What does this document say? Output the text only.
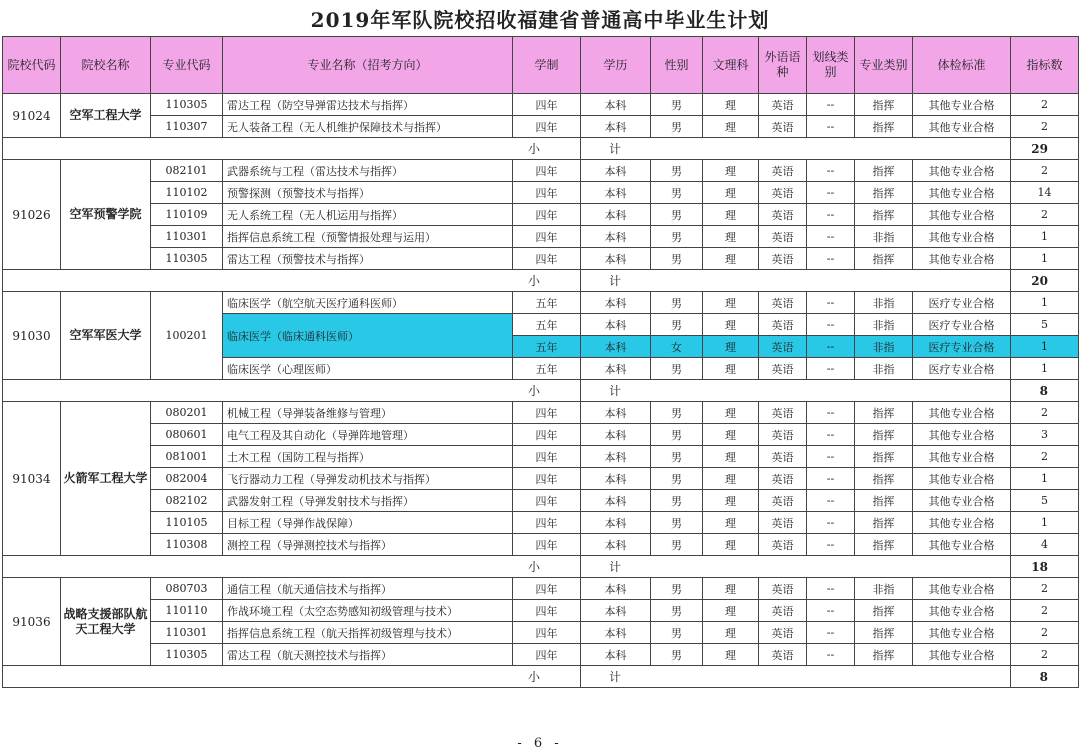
2019年军队院校招收福建省普通高中毕业生计划
院校代码	院校名称	专业代码	专业名称（招考方向）	学制	学历	性别	文理科	外语语种	划线类别	专业类别	体检标准	指标数
91024	空军工程大学	110305	雷达工程（防空导弹雷达技术与指挥）	四年	本科	男	理	英语	--	指挥	其他专业合格	2
		110307	无人装备工程（无人机维护保障技术与指挥）	四年	本科	男	理	英语	--	指挥	其他专业合格	2
小					计							29
91026	空军预警学院	082101	武器系统与工程（雷达技术与指挥）	四年	本科	男	理	英语	--	指挥	其他专业合格	2
		110102	预警探测（预警技术与指挥）	四年	本科	男	理	英语	--	指挥	其他专业合格	14
		110109	无人系统工程（无人机运用与指挥）	四年	本科	男	理	英语	--	指挥	其他专业合格	2
		110301	指挥信息系统工程（预警情报处理与运用）	四年	本科	男	理	英语	--	非指	其他专业合格	1
		110305	雷达工程（预警技术与指挥）	四年	本科	男	理	英语	--	指挥	其他专业合格	1
小					计							20
91030	空军军医大学	100201	临床医学（航空航天医疗通科医师）	五年	本科	男	理	英语	--	非指	医疗专业合格	1
			临床医学（临床通科医师）	五年	本科	男	理	英语	--	非指	医疗专业合格	5
				五年	本科	女	理	英语	--	非指	医疗专业合格	1
			临床医学（心理医师）	五年	本科	男	理	英语	--	非指	医疗专业合格	1
小					计							8
91034	火箭军工程大学	080201	机械工程（导弹装备维修与管理）	四年	本科	男	理	英语	--	指挥	其他专业合格	2
		080601	电气工程及其自动化（导弹阵地管理）	四年	本科	男	理	英语	--	指挥	其他专业合格	3
		081001	土木工程（国防工程与指挥）	四年	本科	男	理	英语	--	指挥	其他专业合格	2
		082004	飞行器动力工程（导弹发动机技术与指挥）	四年	本科	男	理	英语	--	指挥	其他专业合格	1
		082102	武器发射工程（导弹发射技术与指挥）	四年	本科	男	理	英语	--	指挥	其他专业合格	5
		110105	目标工程（导弹作战保障）	四年	本科	男	理	英语	--	指挥	其他专业合格	1
		110308	测控工程（导弹测控技术与指挥）	四年	本科	男	理	英语	--	指挥	其他专业合格	4
小					计							18
91036	战略支援部队航天工程大学	080703	通信工程（航天通信技术与指挥）	四年	本科	男	理	英语	--	非指	其他专业合格	2
		110110	作战环境工程（太空态势感知初级管理与技术）	四年	本科	男	理	英语	--	指挥	其他专业合格	2
		110301	指挥信息系统工程（航天指挥初级管理与技术）	四年	本科	男	理	英语	--	指挥	其他专业合格	2
		110305	雷达工程（航天测控技术与指挥）	四年	本科	男	理	英语	--	指挥	其他专业合格	2
小					计							8
- 6 -
